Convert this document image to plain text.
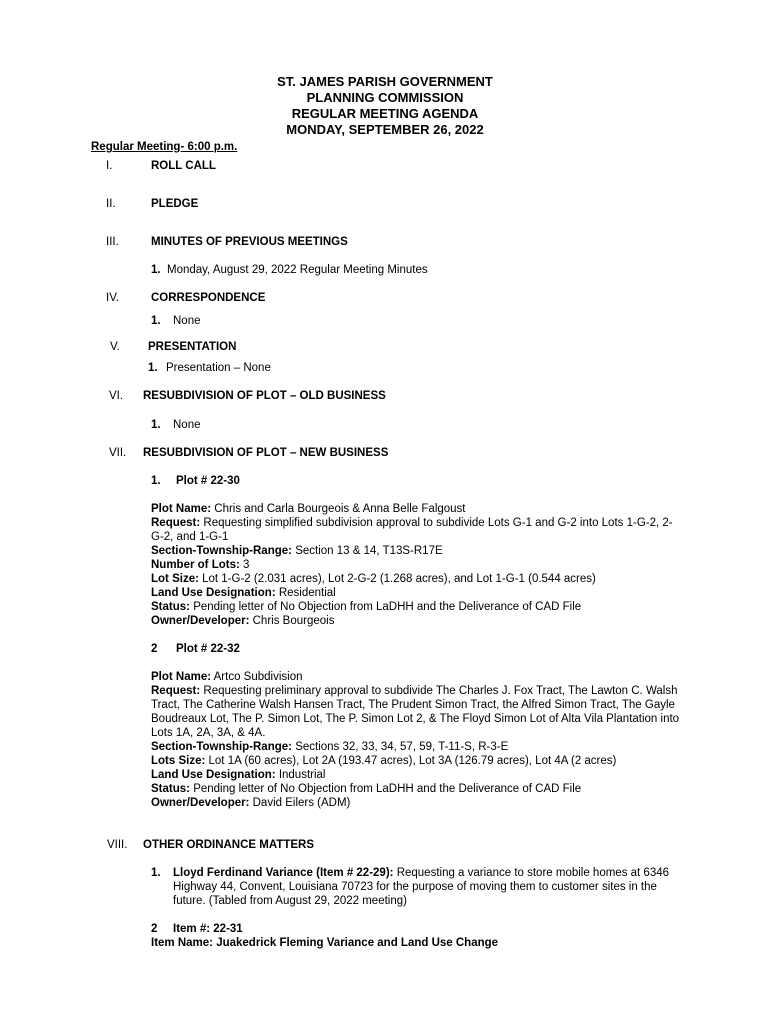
ST. JAMES PARISH GOVERNMENT
PLANNING COMMISSION
REGULAR MEETING AGENDA
MONDAY, SEPTEMBER 26, 2022
Regular Meeting- 6:00 p.m.
I.	ROLL CALL
II.	PLEDGE
III.	MINUTES OF PREVIOUS MEETINGS
1. Monday, August 29, 2022 Regular Meeting Minutes
IV.	CORRESPONDENCE
1. None
V. PRESENTATION
1. Presentation – None
VI. RESUBDIVISION OF PLOT – OLD BUSINESS
1. None
VII. RESUBDIVISION OF PLOT – NEW BUSINESS
1. Plot # 22-30

Plot Name: Chris and Carla Bourgeois & Anna Belle Falgoust

Request: Requesting simplified subdivision approval to subdivide Lots G-1 and G-2 into Lots 1-G-2, 2-G-2, and 1-G-1

Section-Township-Range: Section 13 & 14, T13S-R17E

Number of Lots: 3

Lot Size: Lot 1-G-2 (2.031 acres), Lot 2-G-2 (1.268 acres), and Lot 1-G-1 (0.544 acres)

Land Use Designation: Residential

Status: Pending letter of No Objection from LaDHH and the Deliverance of CAD File

Owner/Developer: Chris Bourgeois

2 Plot # 22-32

Plot Name: Artco Subdivision

Request: Requesting preliminary approval to subdivide The Charles J. Fox Tract, The Lawton C. Walsh Tract, The Catherine Walsh Hansen Tract, The Prudent Simon Tract, the Alfred Simon Tract, The Gayle Boudreaux Lot, The P. Simon Lot, The P. Simon Lot 2, & The Floyd Simon Lot of Alta Vila Plantation into Lots 1A, 2A, 3A, & 4A.

Section-Township-Range: Sections 32, 33, 34, 57, 59, T-11-S, R-3-E

Lots Size: Lot 1A (60 acres), Lot 2A (193.47 acres), Lot 3A (126.79 acres), Lot 4A (2 acres)

Land Use Designation: Industrial

Status: Pending letter of No Objection from LaDHH and the Deliverance of CAD File

Owner/Developer: David Eilers (ADM)

VIII. OTHER ORDINANCE MATTERS
1. Lloyd Ferdinand Variance (Item # 22-29): Requesting a variance to store mobile homes at 6346 Highway 44, Convent, Louisiana 70723 for the purpose of moving them to customer sites in the future. (Tabled from August 29, 2022 meeting)
2 Item #: 22-31
Item Name: Juakedrick Fleming Variance and Land Use Change
